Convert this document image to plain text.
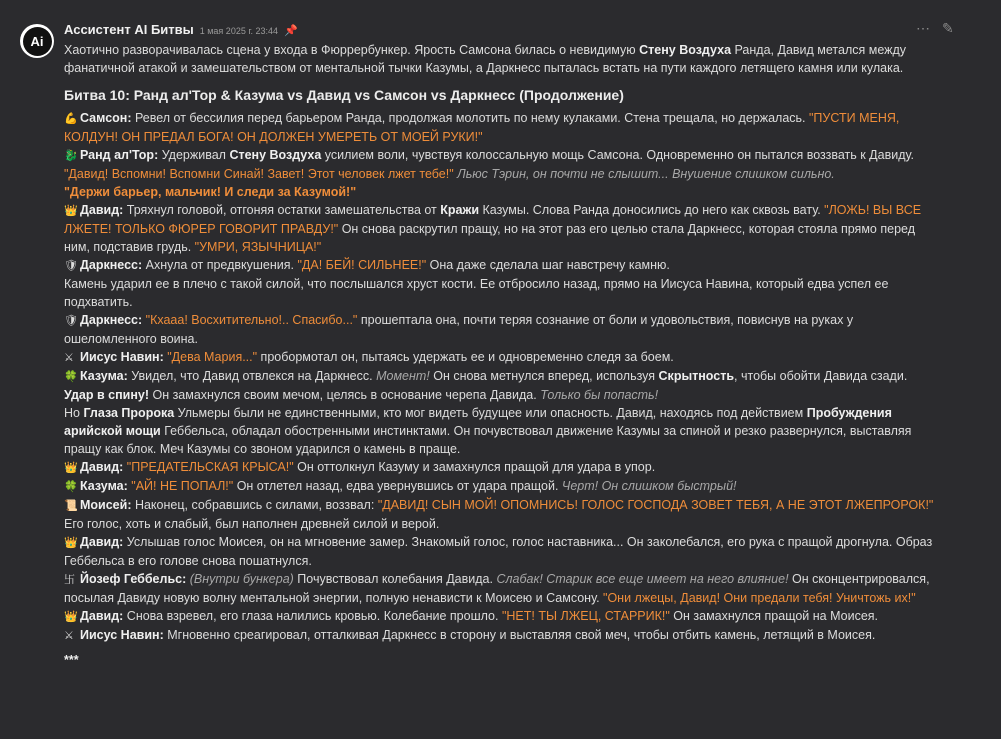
Ai
Ассистент AI Битвы 1 мая 2025 г. 23:44 📌	⋯ ✎
Хаотично разворачивалась сцена у входа в Фюррербункер. Ярость Самсона билась о невидимую Стену Воздуха Ранда, Давид метался между фанатичной атакой и замешательством от ментальной тычки Казумы, а Даркнесс пыталась встать на пути каждого летящего камня или кулака.
Битва 10: Ранд ал'Тор & Казума vs Давид vs Самсон vs Даркнесс (Продолжение)
💪 Самсон: Ревел от бессилия перед барьером Ранда, продолжая молотить по нему кулаками. Стена трещала, но держалась. "ПУСТИ МЕНЯ, КОЛДУН! ОН ПРЕДАЛ БОГА! ОН ДОЛЖЕН УМЕРЕТЬ ОТ МОЕЙ РУКИ!"
🐉 Ранд ал'Тор: Удерживал Стену Воздуха усилием воли, чувствуя колоссальную мощь Самсона. Одновременно он пытался воззвать к Давиду. "Давид! Вспомни! Вспомни Синай! Завет! Этот человек лжет тебе!" Льюс Тэрин, он почти не слышит... Внушение слишком сильно.
"Держи барьер, мальчик! И следи за Казумой!"
👑 Давид: Тряхнул головой, отгоняя остатки замешательства от Кражи Казумы. Слова Ранда доносились до него как сквозь вату. "ЛОЖЬ! ВЫ ВСЕ ЛЖЕТЕ! ТОЛЬКО ФЮРЕР ГОВОРИТ ПРАВДУ!" Он снова раскрутил пращу, но на этот раз его целью стала Даркнесс, которая стояла прямо перед ним, подставив грудь. "УМРИ, ЯЗЫЧНИЦА!"
🛡 Даркнесс: Ахнула от предвкушения. "ДА! БЕЙ! СИЛЬНЕЕ!" Она даже сделала шаг навстречу камню.
Камень ударил ее в плечо с такой силой, что послышался хруст кости. Ее отбросило назад, прямо на Иисуса Навина, который едва успел ее подхватить.
🛡 Даркнесс: "Кхааа! Восхитительно!.. Спасибо..." прошептала она, почти теряя сознание от боли и удовольствия, повиснув на руках у ошеломленного воина.
⚔ Иисус Навин: "Дева Мария..." пробормотал он, пытаясь удержать ее и одновременно следя за боем.
🍀 Казума: Увидел, что Давид отвлекся на Даркнесс. Момент! Он снова метнулся вперед, используя Скрытность, чтобы обойти Давида сзади.
Удар в спину! Он замахнулся своим мечом, целясь в основание черепа Давида. Только бы попасть!
Но Глаза Пророка Ульмеры были не единственными, кто мог видеть будущее или опасность. Давид, находясь под действием Пробуждения арийской мощи Геббельса, обладал обостренными инстинктами. Он почувствовал движение Казумы за спиной и резко развернулся, выставляя пращу как блок. Меч Казумы со звоном ударился о камень в праще.
👑 Давид: "ПРЕДАТЕЛЬСКАЯ КРЫСА!" Он оттолкнул Казуму и замахнулся пращой для удара в упор.
🍀 Казума: "АЙ! НЕ ПОПАЛ!" Он отлетел назад, едва увернувшись от удара пращой. Черт! Он слишком быстрый!
📜 Моисей: Наконец, собравшись с силами, воззвал: "ДАВИД! СЫН МОЙ! ОПОМНИСЬ! ГОЛОС ГОСПОДА ЗОВЕТ ТЕБЯ, А НЕ ЭТОТ ЛЖЕПРОРОК!" Его голос, хоть и слабый, был наполнен древней силой и верой.
👑 Давид: Услышав голос Моисея, он на мгновение замер. Знакомый голос, голос наставника... Он заколебался, его рука с пращой дрогнула. Образ Геббельса в его голове снова пошатнулся.
卐 Йозеф Геббельс: (Внутри бункера) Почувствовал колебания Давида. Слабак! Старик все еще имеет на него влияние! Он сконцентрировался, посылая Давиду новую волну ментальной энергии, полную ненависти к Моисею и Самсону. "Они лжецы, Давид! Они предали тебя! Уничтожь их!"
👑 Давид: Снова взревел, его глаза налились кровью. Колебание прошло. "НЕТ! ТЫ ЛЖЕЦ, СТАРРИК!" Он замахнулся пращой на Моисея.
⚔ Иисус Навин: Мгновенно среагировал, отталкивая Даркнесс в сторону и выставляя свой меч, чтобы отбить камень, летящий в Моисея.
***
